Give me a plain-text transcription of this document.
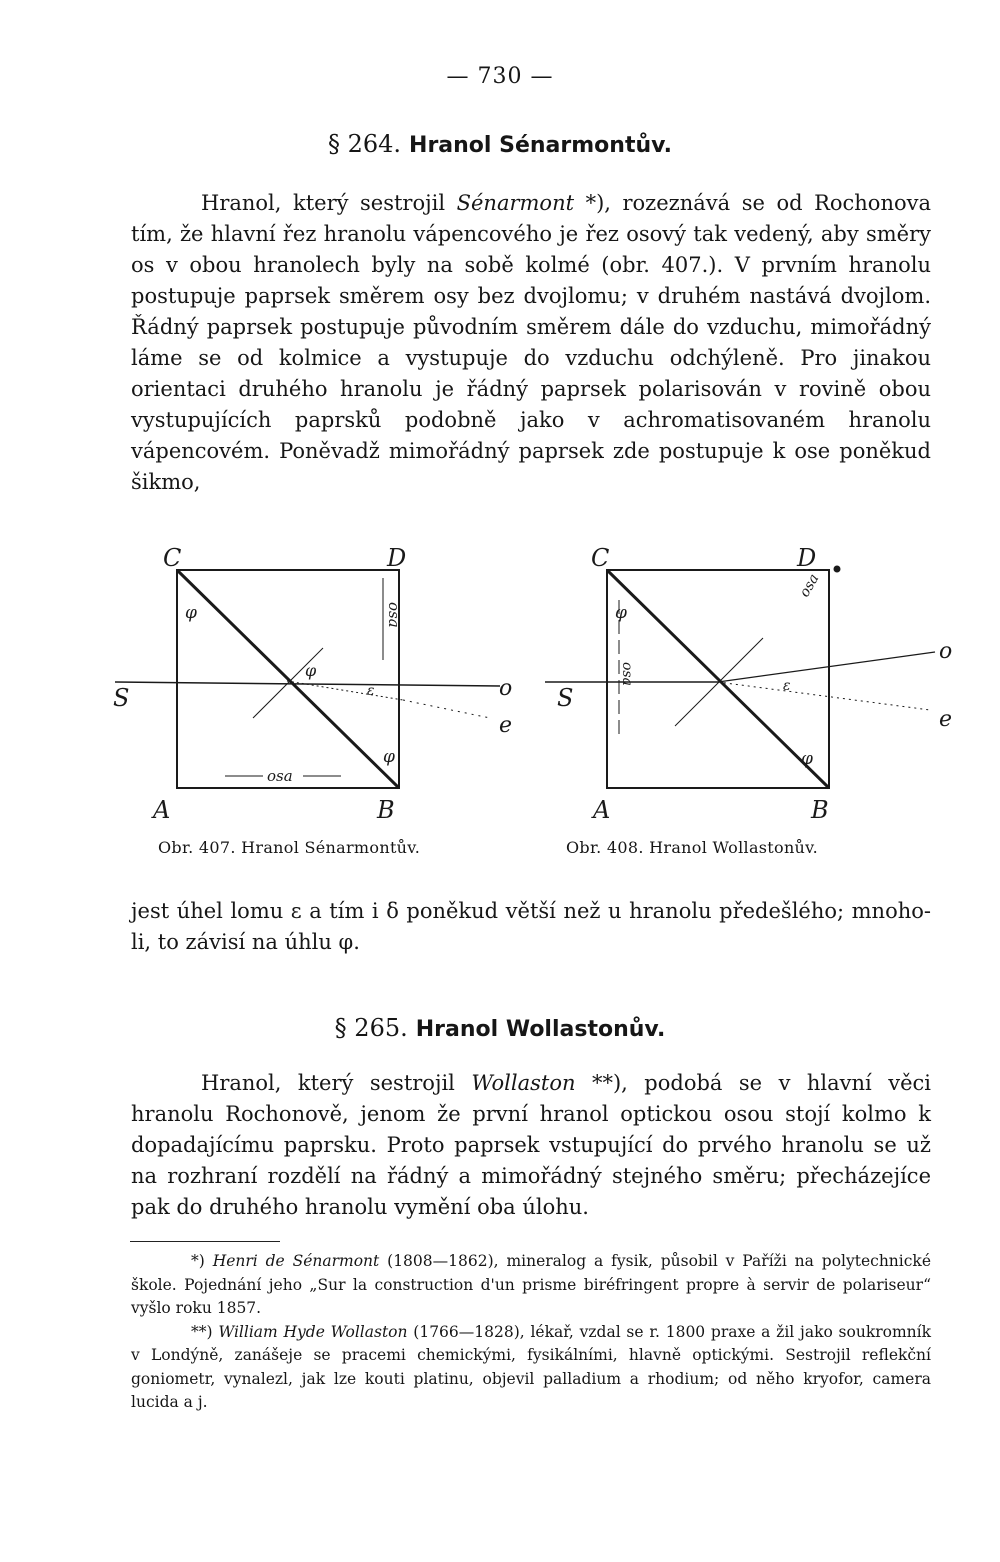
— 730 —
§ 264. Hranol Sénarmontův.

Hranol, který sestrojil Sénarmont *), rozeznává se od Rochonova tím, že hlavní řez hranolu vápencového je řez osový tak vedený, aby směry os v obou hranolech byly na sobě kolmé (obr. 407.). V prvním hranolu postupuje paprsek směrem osy bez dvojlomu; v druhém nastává dvojlom. Řádný paprsek postupuje původním směrem dále do vzduchu, mimořádný láme se od kolmice a vystupuje do vzduchu odchýleně. Pro jinakou orientaci druhého hranolu je řádný paprsek polarisován v rovině obou vystupujících paprsků podobně jako v achromatisovaném hranolu vápencovém. Poněvadž mimořádný paprsek zde postupuje k ose poněkud šikmo,

C	D
A	B
S	o
e
φ
φ
φ
ε
osa
osa
Obr. 407. Hranol Sénarmontův.
C	D
A	B
S
o
e
φ
φ
ε
osa
osa
Obr. 408. Hranol Wollastonův.

jest úhel lomu ε a tím i δ poněkud větší než u hranolu předešlého; mnoho-li, to závisí na úhlu φ.

§ 265. Hranol Wollastonův.

Hranol, který sestrojil Wollaston **), podobá se v hlavní věci hranolu Rochonově, jenom že první hranol optickou osou stojí kolmo k dopadajícímu paprsku. Proto paprsek vstupující do prvého hranolu se už na rozhraní rozdělí na řádný a mimořádný stejného směru; přecházejíce pak do druhého hranolu vymění oba úlohu.

*) Henri de Sénarmont (1808—1862), mineralog a fysik, působil v Paříži na polytechnické škole. Pojednání jeho „Sur la construction d'un prisme biréfringent propre à servir de polariseur“ vyšlo roku 1857.

**) William Hyde Wollaston (1766—1828), lékař, vzdal se r. 1800 praxe a žil jako soukromník v Londýně, zanášeje se pracemi chemickými, fysikálními, hlavně optickými. Sestrojil reflekční goniometr, vynalezl, jak lze kouti platinu, objevil palladium a rhodium; od něho kryofor, camera lucida a j.
